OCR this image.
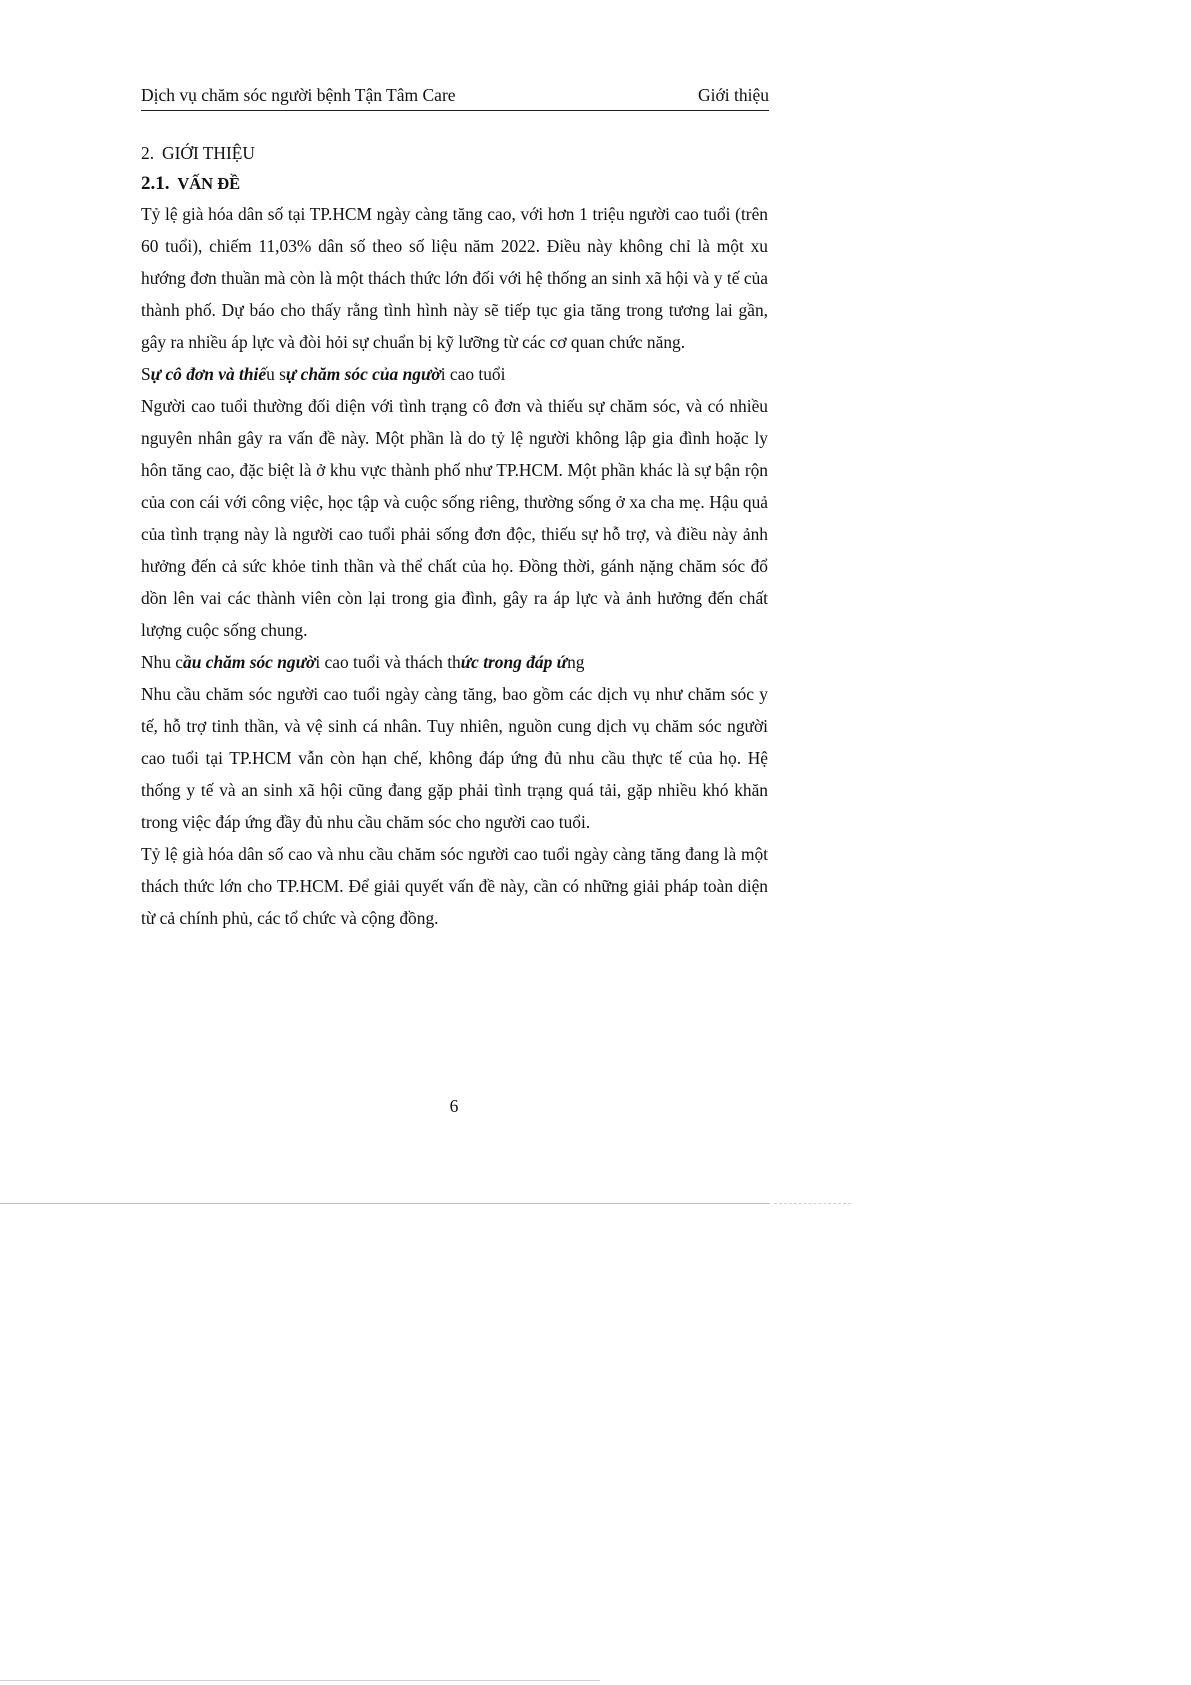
Dịch vụ chăm sóc người bệnh Tận Tâm Care	Giới thiệu
2. GIỚI THIỆU
2.1. VẤN ĐỀ

Tỷ lệ già hóa dân số tại TP.HCM ngày càng tăng cao, với hơn 1 triệu người cao tuổi (trên 60 tuổi), chiếm 11,03% dân số theo số liệu năm 2022. Điều này không chỉ là một xu hướng đơn thuần mà còn là một thách thức lớn đối với hệ thống an sinh xã hội và y tế của thành phố. Dự báo cho thấy rằng tình hình này sẽ tiếp tục gia tăng trong tương lai gần, gây ra nhiều áp lực và đòi hỏi sự chuẩn bị kỹ lưỡng từ các cơ quan chức năng.

Sự cô đơn và thiếu sự chăm sóc của người cao tuổi

Người cao tuổi thường đối diện với tình trạng cô đơn và thiếu sự chăm sóc, và có nhiều nguyên nhân gây ra vấn đề này. Một phần là do tỷ lệ người không lập gia đình hoặc ly hôn tăng cao, đặc biệt là ở khu vực thành phố như TP.HCM. Một phần khác là sự bận rộn của con cái với công việc, học tập và cuộc sống riêng, thường sống ở xa cha mẹ. Hậu quả của tình trạng này là người cao tuổi phải sống đơn độc, thiếu sự hỗ trợ, và điều này ảnh hưởng đến cả sức khỏe tinh thần và thể chất của họ. Đồng thời, gánh nặng chăm sóc đổ dồn lên vai các thành viên còn lại trong gia đình, gây ra áp lực và ảnh hưởng đến chất lượng cuộc sống chung.

Nhu cầu chăm sóc người cao tuổi và thách thức trong đáp ứng

Nhu cầu chăm sóc người cao tuổi ngày càng tăng, bao gồm các dịch vụ như chăm sóc y tế, hỗ trợ tinh thần, và vệ sinh cá nhân. Tuy nhiên, nguồn cung dịch vụ chăm sóc người cao tuổi tại TP.HCM vẫn còn hạn chế, không đáp ứng đủ nhu cầu thực tế của họ. Hệ thống y tế và an sinh xã hội cũng đang gặp phải tình trạng quá tải, gặp nhiều khó khăn trong việc đáp ứng đầy đủ nhu cầu chăm sóc cho người cao tuổi.

Tỷ lệ già hóa dân số cao và nhu cầu chăm sóc người cao tuổi ngày càng tăng đang là một thách thức lớn cho TP.HCM. Để giải quyết vấn đề này, cần có những giải pháp toàn diện từ cả chính phủ, các tổ chức và cộng đồng.

6
